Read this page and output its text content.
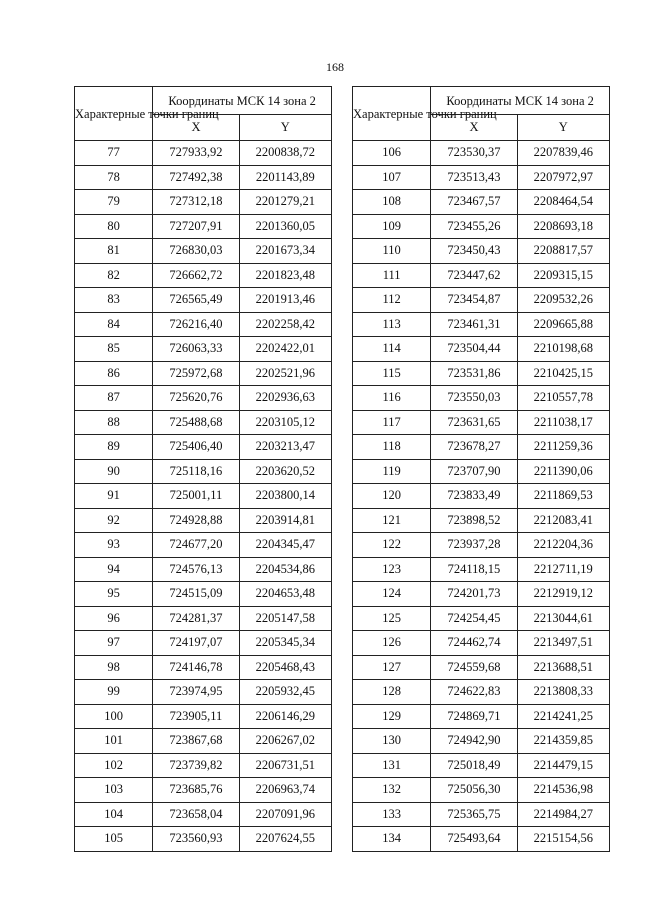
168
Характерные точки границ	Координаты МСК 14 зона 2	
	X	Y
77	727933,92	2200838,72
78	727492,38	2201143,89
79	727312,18	2201279,21
80	727207,91	2201360,05
81	726830,03	2201673,34
82	726662,72	2201823,48
83	726565,49	2201913,46
84	726216,40	2202258,42
85	726063,33	2202422,01
86	725972,68	2202521,96
87	725620,76	2202936,63
88	725488,68	2203105,12
89	725406,40	2203213,47
90	725118,16	2203620,52
91	725001,11	2203800,14
92	724928,88	2203914,81
93	724677,20	2204345,47
94	724576,13	2204534,86
95	724515,09	2204653,48
96	724281,37	2205147,58
97	724197,07	2205345,34
98	724146,78	2205468,43
99	723974,95	2205932,45
100	723905,11	2206146,29
101	723867,68	2206267,02
102	723739,82	2206731,51
103	723685,76	2206963,74
104	723658,04	2207091,96
105	723560,93	2207624,55
Характерные точки границ	Координаты МСК 14 зона 2	
	X	Y
106	723530,37	2207839,46
107	723513,43	2207972,97
108	723467,57	2208464,54
109	723455,26	2208693,18
110	723450,43	2208817,57
111	723447,62	2209315,15
112	723454,87	2209532,26
113	723461,31	2209665,88
114	723504,44	2210198,68
115	723531,86	2210425,15
116	723550,03	2210557,78
117	723631,65	2211038,17
118	723678,27	2211259,36
119	723707,90	2211390,06
120	723833,49	2211869,53
121	723898,52	2212083,41
122	723937,28	2212204,36
123	724118,15	2212711,19
124	724201,73	2212919,12
125	724254,45	2213044,61
126	724462,74	2213497,51
127	724559,68	2213688,51
128	724622,83	2213808,33
129	724869,71	2214241,25
130	724942,90	2214359,85
131	725018,49	2214479,15
132	725056,30	2214536,98
133	725365,75	2214984,27
134	725493,64	2215154,56
